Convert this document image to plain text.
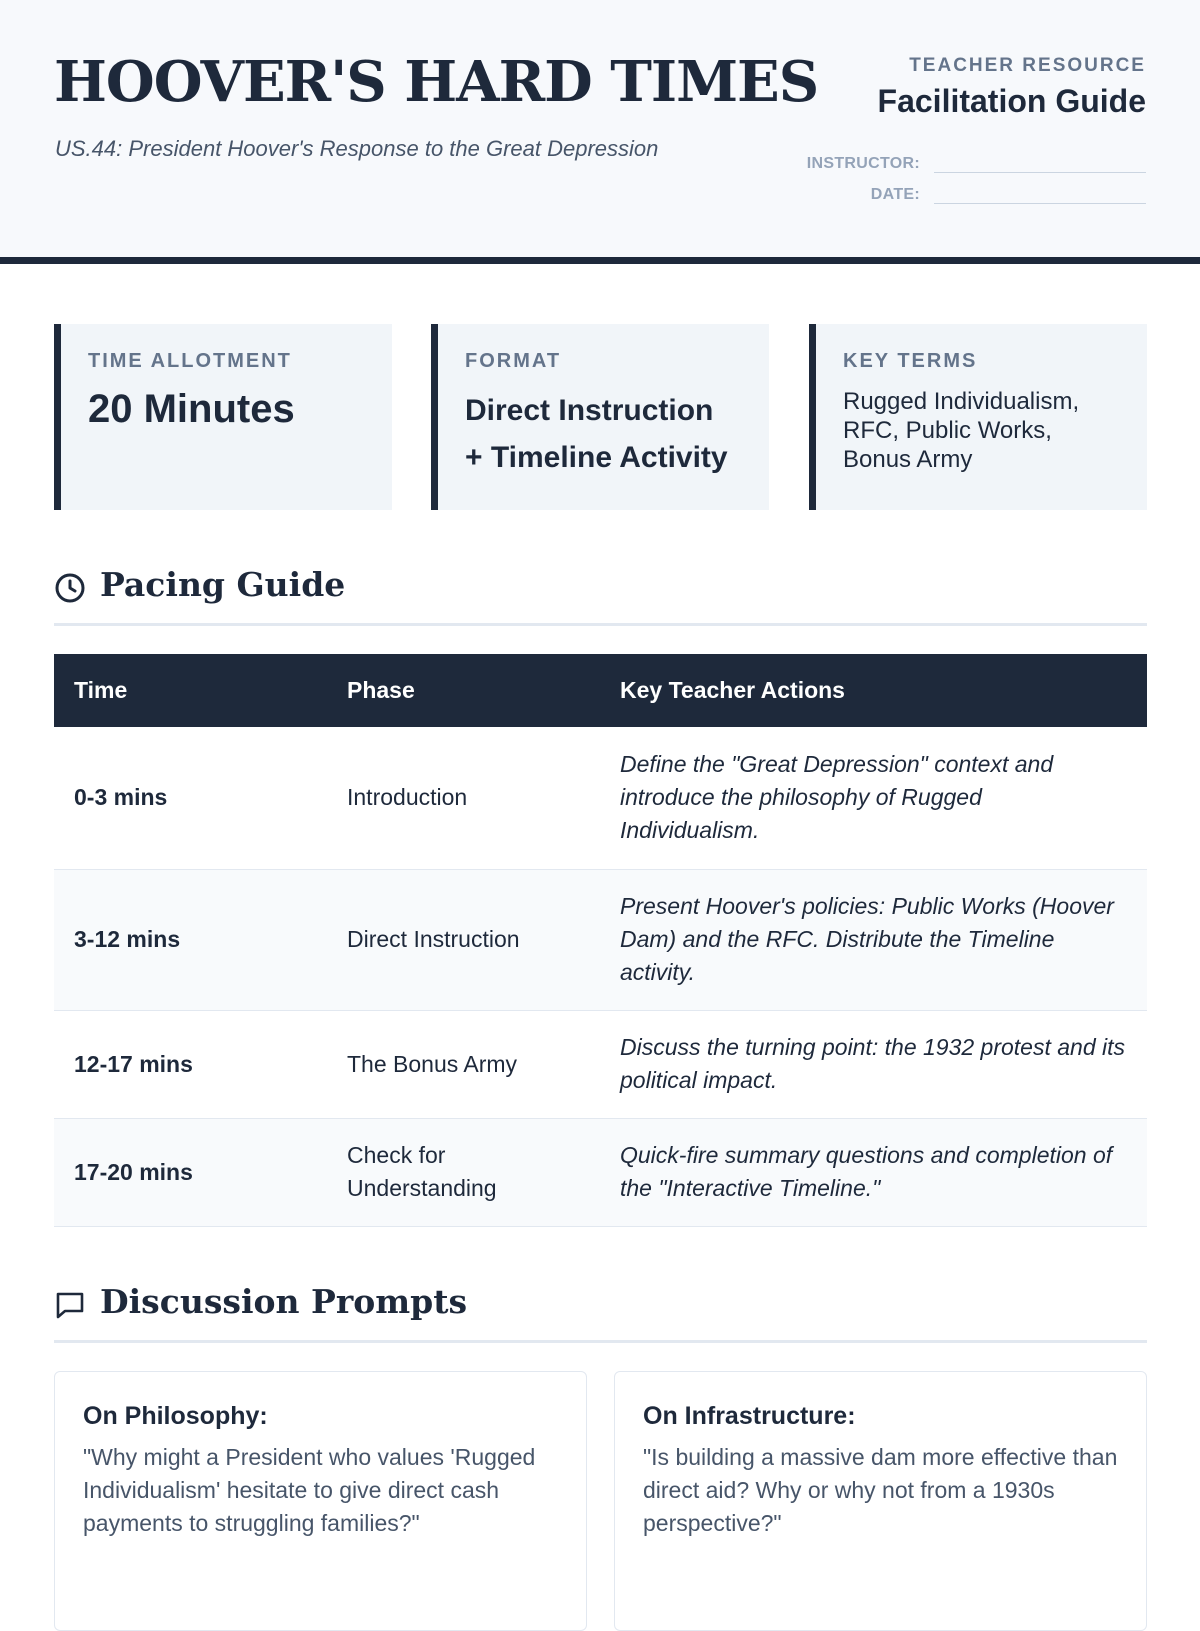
HOOVER'S HARD TIMES

US.44: President Hoover's Response to the Great Depression

TEACHER RESOURCE
Facilitation Guide
INSTRUCTOR:
DATE:
TIME ALLOTMENT
20 Minutes
FORMAT
Direct Instruction
+ Timeline Activity
KEY TERMS
Rugged Individualism,
RFC, Public Works,
Bonus Army
Pacing Guide
Time	Phase	Key Teacher Actions
0-3 mins	Introduction	Define the "Great Depression" context and introduce the philosophy of Rugged Individualism.
3-12 mins	Direct Instruction	Present Hoover's policies: Public Works (Hoover Dam) and the RFC. Distribute the Timeline activity.
12-17 mins	The Bonus Army	Discuss the turning point: the 1932 protest and its political impact.
17-20 mins	Check for Understanding	Quick-fire summary questions and completion of the "Interactive Timeline."
Discussion Prompts
On Philosophy:
"Why might a President who values 'Rugged Individualism' hesitate to give direct cash payments to struggling families?"
On Infrastructure:
"Is building a massive dam more effective than direct aid? Why or why not from a 1930s perspective?"
